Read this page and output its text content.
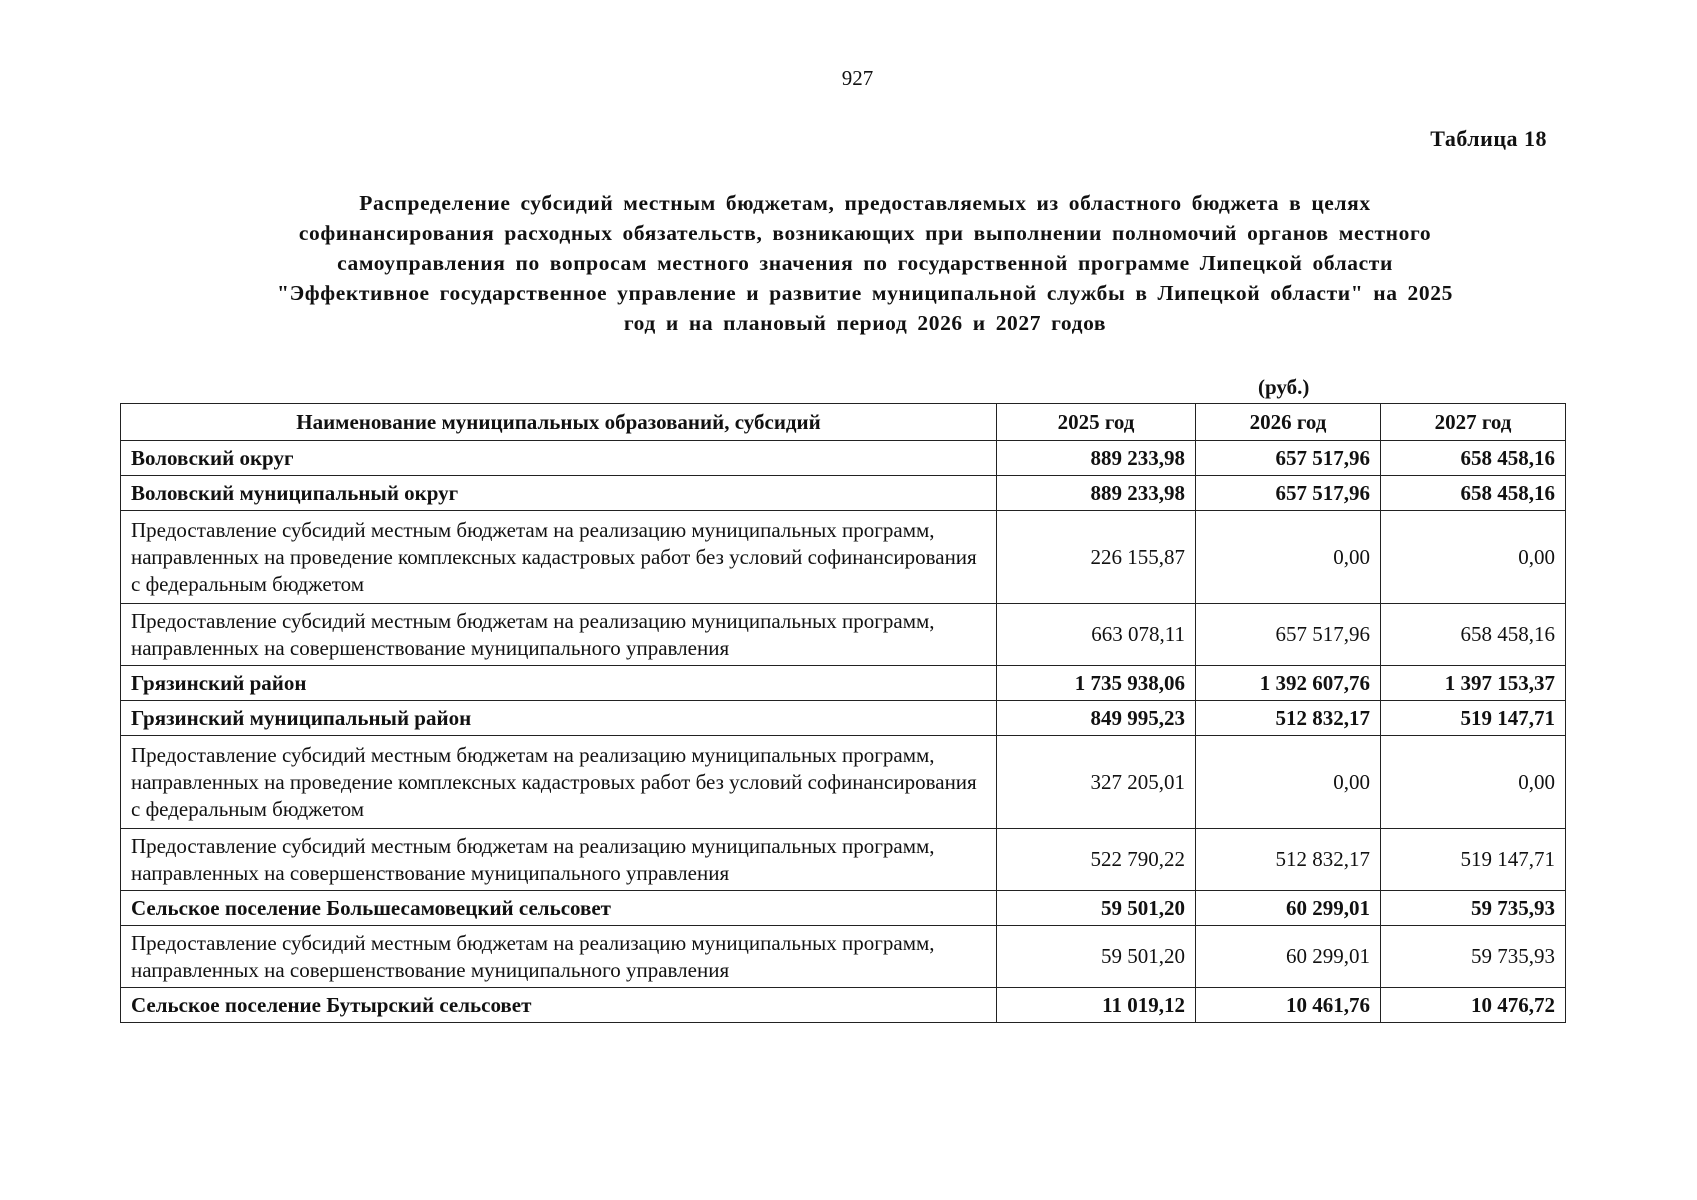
927
Таблица 18
Распределение субсидий местным бюджетам, предоставляемых из областного бюджета в целях
софинансирования расходных обязательств, возникающих при выполнении полномочий органов местного
самоуправления по вопросам местного значения по государственной программе Липецкой области
"Эффективное государственное управление и развитие муниципальной службы в Липецкой области" на 2025
год и на плановый период 2026 и 2027 годов
(руб.)
Наименование муниципальных образований, субсидий	2025 год	2026 год	2027 год
Воловский округ	889 233,98	657 517,96	658 458,16
Воловский муниципальный округ	889 233,98	657 517,96	658 458,16
Предоставление субсидий местным бюджетам на реализацию муниципальных программ, направленных на проведение комплексных кадастровых работ без условий софинансирования с федеральным бюджетом	226 155,87	0,00	0,00
Предоставление субсидий местным бюджетам на реализацию муниципальных программ, направленных на совершенствование муниципального управления	663 078,11	657 517,96	658 458,16
Грязинский район	1 735 938,06	1 392 607,76	1 397 153,37
Грязинский муниципальный район	849 995,23	512 832,17	519 147,71
Предоставление субсидий местным бюджетам на реализацию муниципальных программ, направленных на проведение комплексных кадастровых работ без условий софинансирования с федеральным бюджетом	327 205,01	0,00	0,00
Предоставление субсидий местным бюджетам на реализацию муниципальных программ, направленных на совершенствование муниципального управления	522 790,22	512 832,17	519 147,71
Сельское поселение Большесамовецкий сельсовет	59 501,20	60 299,01	59 735,93
Предоставление субсидий местным бюджетам на реализацию муниципальных программ, направленных на совершенствование муниципального управления	59 501,20	60 299,01	59 735,93
Сельское поселение Бутырский сельсовет	11 019,12	10 461,76	10 476,72
